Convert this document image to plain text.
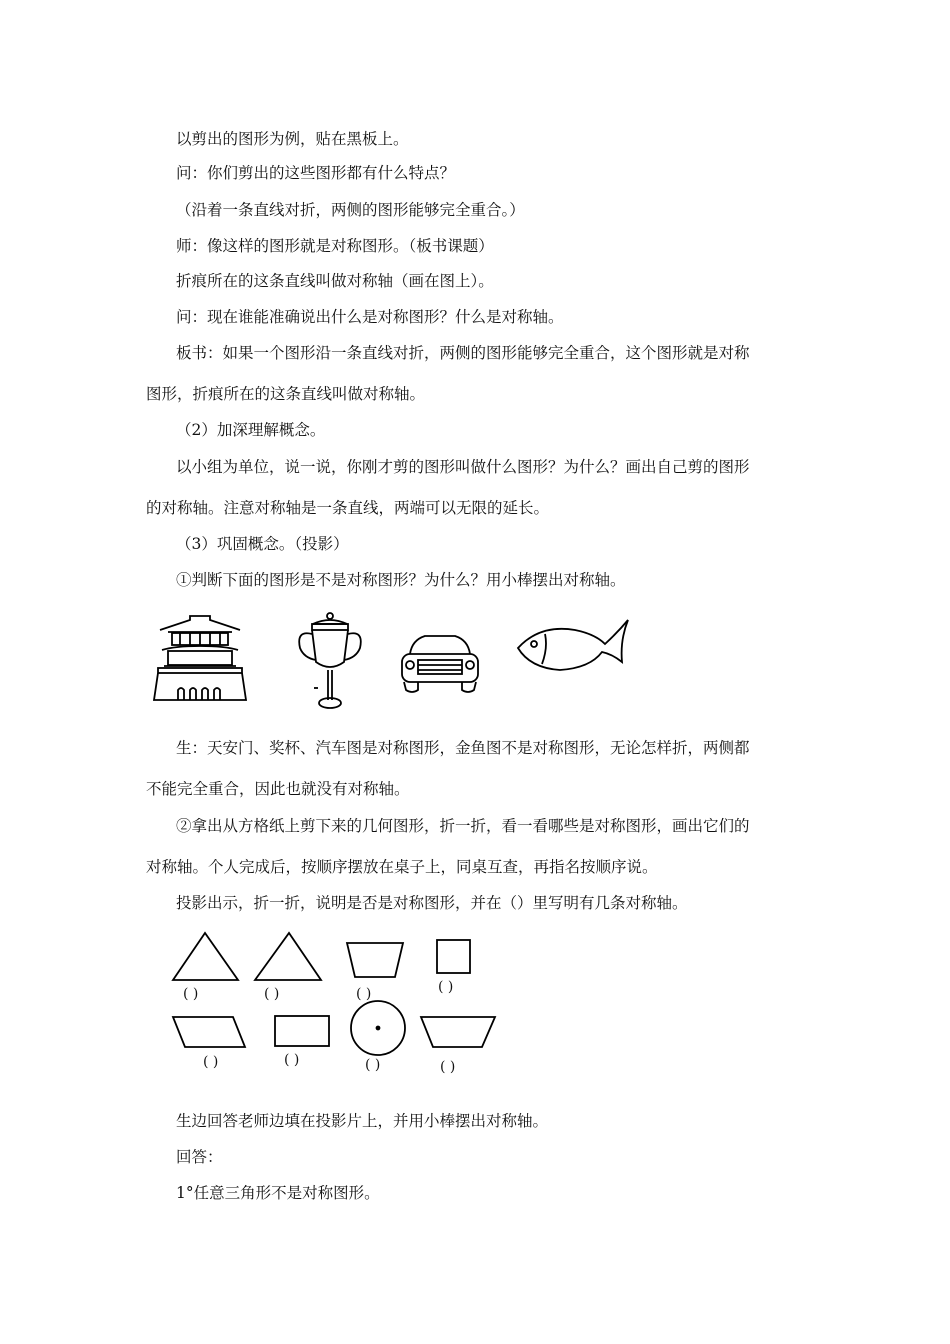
以剪出的图形为例，贴在黑板上。
问：你们剪出的这些图形都有什么特点？
（沿着一条直线对折，两侧的图形能够完全重合。）
师：像这样的图形就是对称图形。（板书课题）
折痕所在的这条直线叫做对称轴（画在图上）。
问：现在谁能准确说出什么是对称图形？什么是对称轴。
板书：如果一个图形沿一条直线对折，两侧的图形能够完全重合，这个图形就是对称
图形，折痕所在的这条直线叫做对称轴。
（2）加深理解概念。
以小组为单位，说一说，你刚才剪的图形叫做什么图形？为什么？画出自己剪的图形
的对称轴。注意对称轴是一条直线，两端可以无限的延长。
（3）巩固概念。（投影）
①判断下面的图形是不是对称图形？为什么？用小棒摆出对称轴。
生：天安门、奖杯、汽车图是对称图形，金鱼图不是对称图形，无论怎样折，两侧都
不能完全重合，因此也就没有对称轴。
②拿出从方格纸上剪下来的几何图形，折一折，看一看哪些是对称图形，画出它们的
对称轴。个人完成后，按顺序摆放在桌子上，同桌互查，再指名按顺序说。
投影出示，折一折，说明是否是对称图形，并在（）里写明有几条对称轴。
( )	( )	( )	( )
( )	( )	( )	( )
生边回答老师边填在投影片上，并用小棒摆出对称轴。
回答：
1°任意三角形不是对称图形。
